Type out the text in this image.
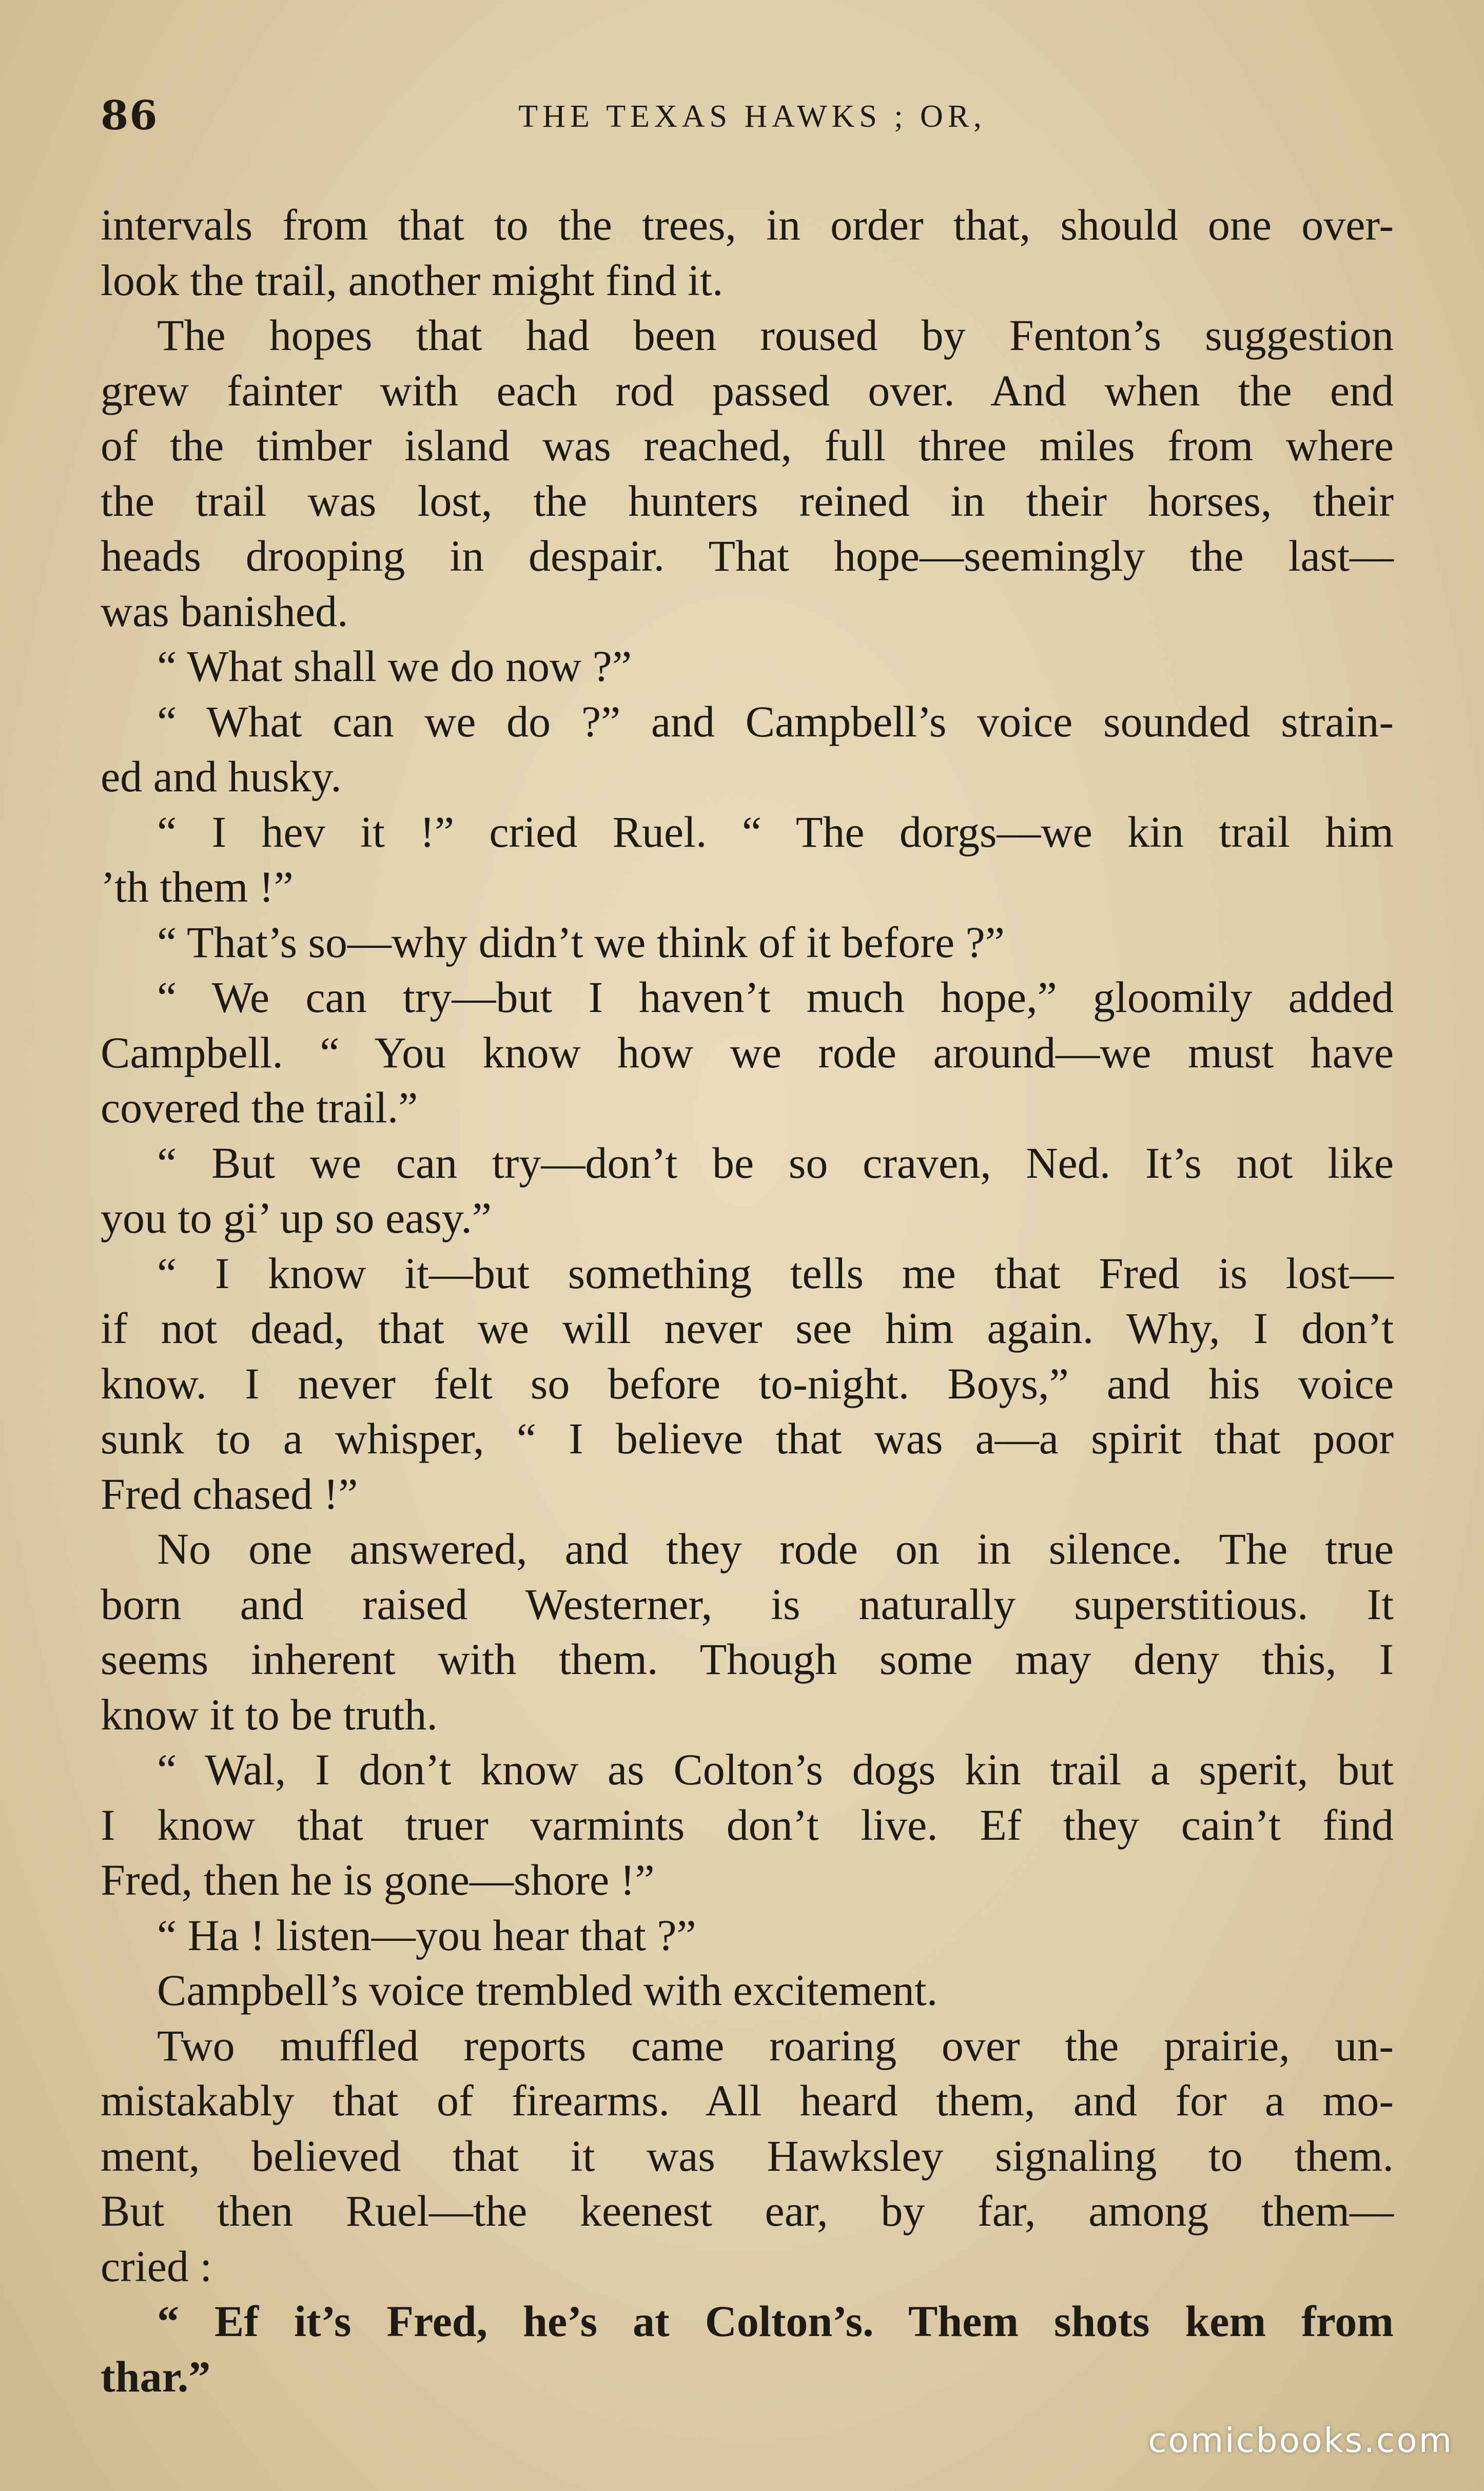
86	THE TEXAS HAWKS ; OR,
intervals from that to the trees, in order that, should one over-
look the trail, another might find it.
The hopes that had been roused by Fenton’s suggestion
grew fainter with each rod passed over. And when the end
of the timber island was reached, full three miles from where
the trail was lost, the hunters reined in their horses, their
heads drooping in despair. That hope—seemingly the last—
was banished.
“ What shall we do now ?”
“ What can we do ?” and Campbell’s voice sounded strain-
ed and husky.
“ I hev it !” cried Ruel. “ The dorgs—we kin trail him
’th them !”
“ That’s so—why didn’t we think of it before ?”
“ We can try—but I haven’t much hope,” gloomily added
Campbell. “ You know how we rode around—we must have
covered the trail.”
“ But we can try—don’t be so craven, Ned. It’s not like
you to gi’ up so easy.”
“ I know it—but something tells me that Fred is lost—
if not dead, that we will never see him again. Why, I don’t
know. I never felt so before to-night. Boys,” and his voice
sunk to a whisper, “ I believe that was a—a spirit that poor
Fred chased !”
No one answered, and they rode on in silence. The true
born and raised Westerner, is naturally superstitious. It
seems inherent with them. Though some may deny this, I
know it to be truth.
“ Wal, I don’t know as Colton’s dogs kin trail a sperit, but
I know that truer varmints don’t live. Ef they cain’t find
Fred, then he is gone—shore !”
“ Ha ! listen—you hear that ?”
Campbell’s voice trembled with excitement.
Two muffled reports came roaring over the prairie, un-
mistakably that of firearms. All heard them, and for a mo-
ment, believed that it was Hawksley signaling to them.
But then Ruel—the keenest ear, by far, among them—
cried :
“ Ef it’s Fred, he’s at Colton’s. Them shots kem from
thar.”
comicbooks.com
